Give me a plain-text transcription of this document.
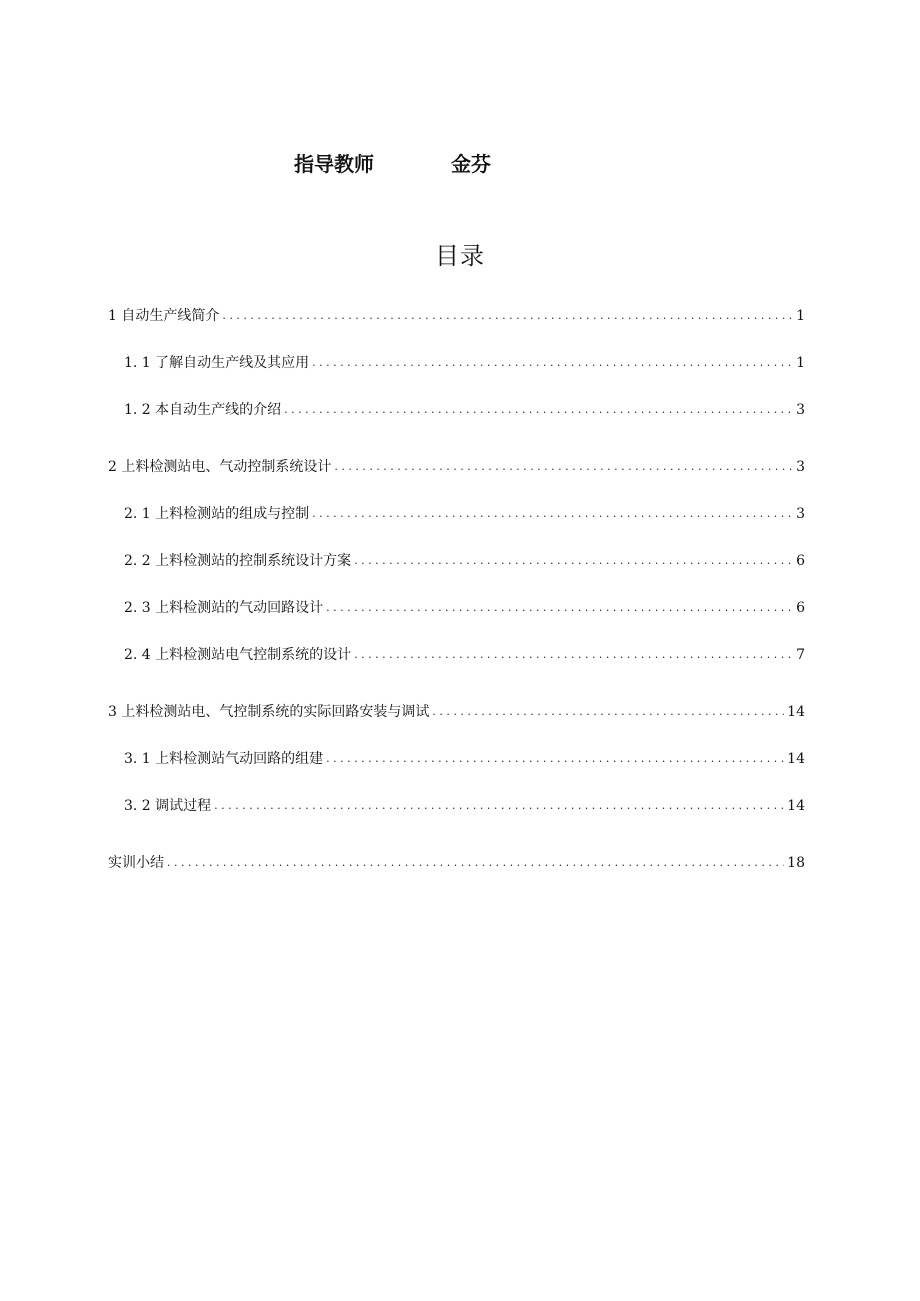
指导教师	金芬
目录
1 自动生产线简介 . . .	1
1. 1 了解自动生产线及其应用 . . .	1
1. 2 本自动生产线的介绍 . . .	3
2 上料检测站电、气动控制系统设计 . . .	3
2. 1 上料检测站的组成与控制 . . .	3
2. 2 上料检测站的控制系统设计方案 . . .	6
2. 3 上料检测站的气动回路设计 . . .	6
2. 4 上料检测站电气控制系统的设计 . . .	7
3 上料检测站电、气控制系统的实际回路安装与调试 . . .	14
3. 1 上料检测站气动回路的组建 . . .	14
3. 2 调试过程 . . .	14
实训小结 . . .	18
